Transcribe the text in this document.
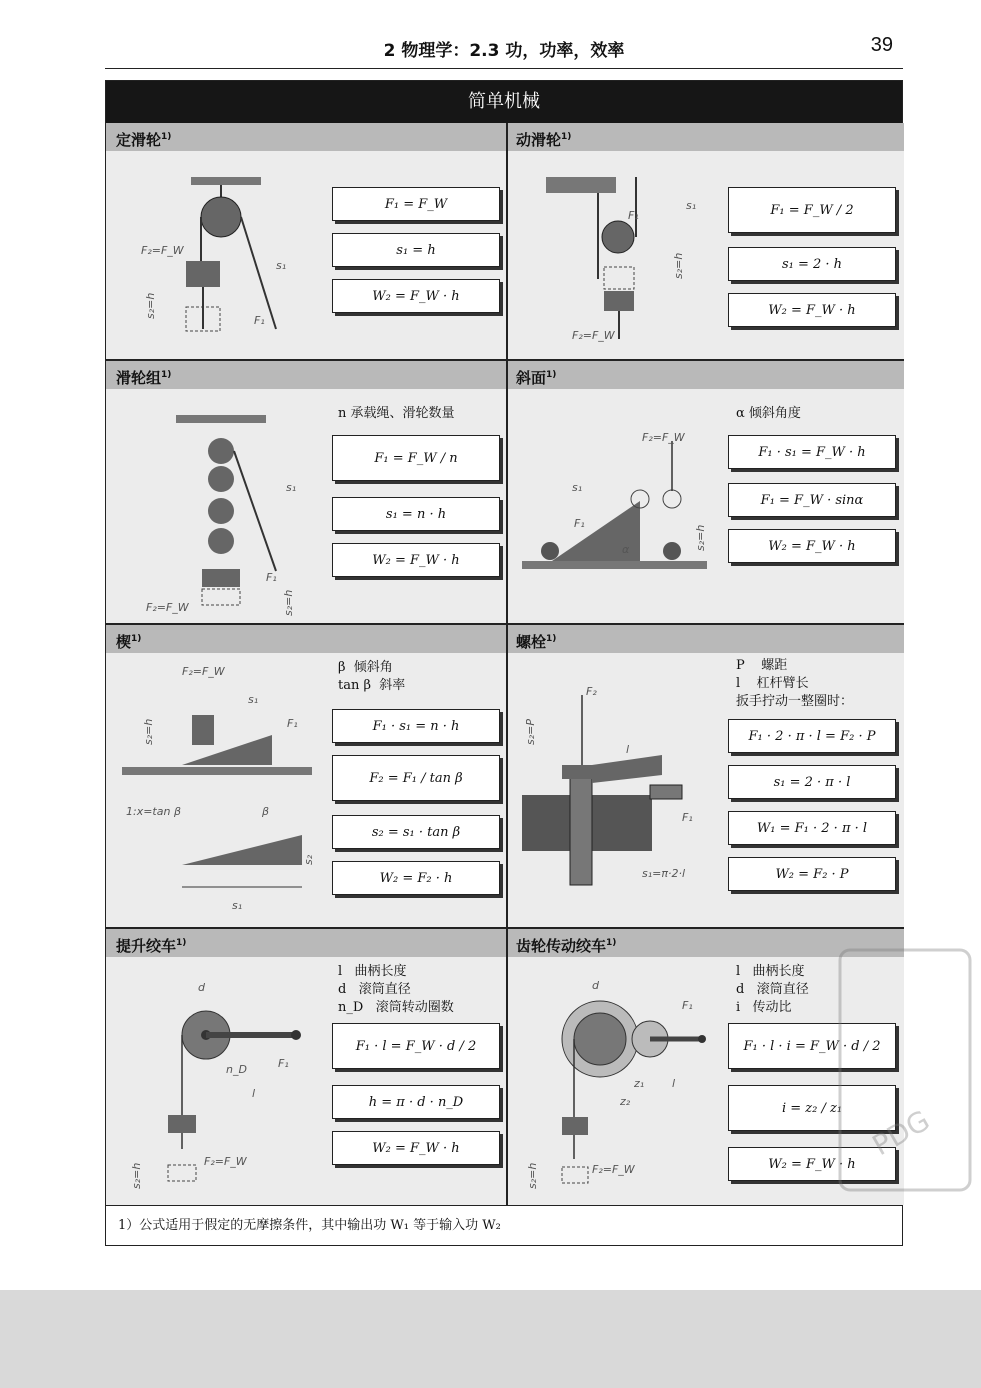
2 物理学：2.3 功，功率，效率	39
简单机械
定滑轮$^{1)}$
F₂=F_W
s₂=h
s₁
F₁
F₁ = F_W
s₁ = h
W₂ = F_W · h
动滑轮$^{1)}$
F₁
s₁
s₂=h
F₂=F_W
F₁ = F_W / 2
s₁ = 2 · h
W₂ = F_W · h
滑轮组$^{1)}$
s₁
F₁
F₂=F_W	s₂=h
n 承载绳、滑轮数量
F₁ = F_W / n
s₁ = n · h
W₂ = F_W · h
斜面$^{1)}$
F₂=F_W
s₁
F₁
α	s₂=h
α 倾斜角度
F₁ · s₁ = F_W · h
F₁ = F_W · sinα
W₂ = F_W · h
楔$^{1)}$
F₂=F_W
s₁
s₂=h	F₁
1:x=tan β	β
s₂
s₁
β  倾斜角
tan β  斜率
F₁ · s₁ = n · h
F₂ = F₁ / tan β
s₂ = s₁ · tan β
W₂ = F₂ · h
螺栓$^{1)}$
F₂
s₂=P
l
F₁
s₁=π·2·l
P    螺距
l    杠杆臂长
扳手拧动一整圈时：
F₁ · 2 · π · l = F₂ · P
s₁ = 2 · π · l
W₁ = F₁ · 2 · π · l
W₂ = F₂ · P
提升绞车$^{1)}$
d
F₁
n_D
l
F₂=F_W
s₂=h
l   曲柄长度
d   滚筒直径
n_D   滚筒转动圈数
F₁ · l = F_W · d / 2
h = π · d · n_D
W₂ = F_W · h
齿轮传动绞车$^{1)}$
d
F₁
z₁
z₂
l
F₂=F_W
s₂=h
l   曲柄长度
d   滚筒直径
i   传动比
F₁ · l · i = F_W · d / 2
i = z₂ / z₁
W₂ = F_W · h
1）公式适用于假定的无摩擦条件，其中输出功 W₁ 等于输入功 W₂
PDG
